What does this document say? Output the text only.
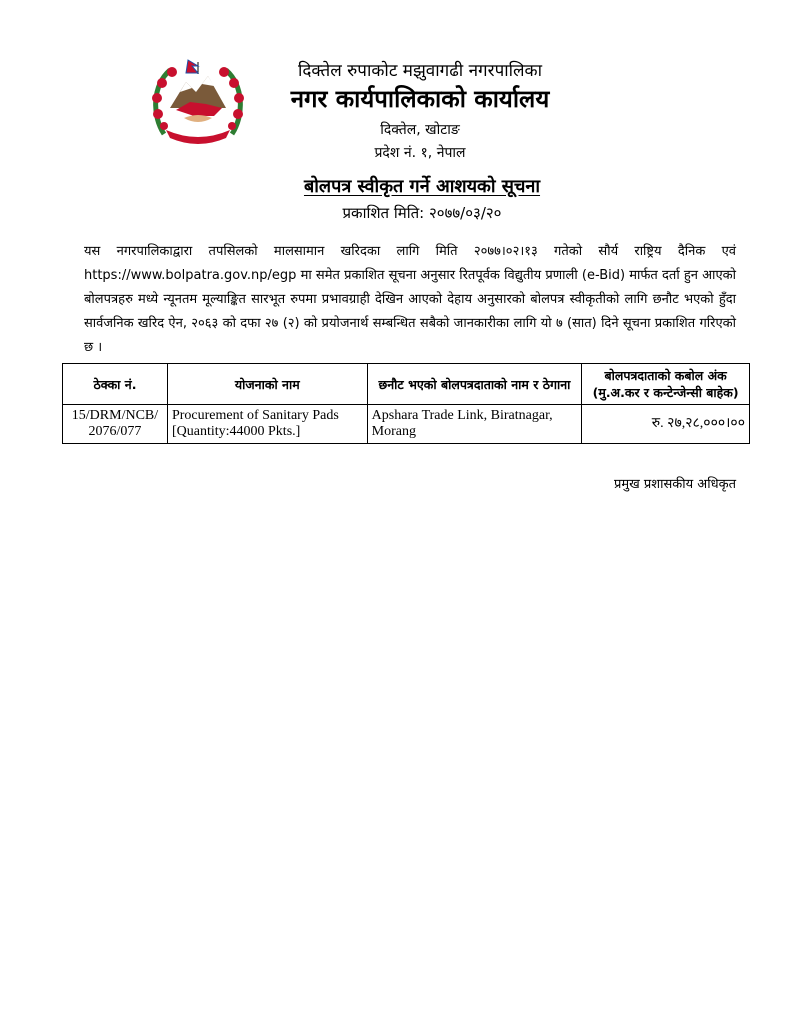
दिक्तेल रुपाकोट मझुवागढी नगरपालिका
नगर कार्यपालिकाको कार्यालय
दिक्तेल, खोटाङ
प्रदेश नं. १, नेपाल
बोलपत्र स्वीकृत गर्ने आशयको सूचना
प्रकाशित मिति: २०७७/०३/२०
यस नगरपालिकाद्वारा तपसिलको मालसामान खरिदका लागि मिति २०७७।०२।१३ गतेको सौर्य राष्ट्रिय दैनिक एवं https://www.bolpatra.gov.np/egp मा समेत प्रकाशित सूचना अनुसार रितपूर्वक विद्युतीय प्रणाली (e-Bid) मार्फत दर्ता हुन आएको बोलपत्रहरु मध्ये न्यूनतम मूल्याङ्कित सारभूत रुपमा प्रभावग्राही देखिन आएको देहाय अनुसारको बोलपत्र स्वीकृतीको लागि छनौट भएको हुँदा सार्वजनिक खरिद ऐन, २०६३ को दफा २७ (२) को प्रयोजनार्थ सम्बन्धित सबैको जानकारीका लागि यो ७ (सात) दिने सूचना प्रकाशित गरिएको छ ।
ठेक्का नं.	योजनाको नाम	छनौट भएको बोलपत्रदाताको नाम र ठेगाना	बोलपत्रदाताको कबोल अंक (मु.अ.कर र कन्टेन्जेन्सी बाहेक)
15/DRM/NCB/ 2076/077	Procurement of Sanitary Pads [Quantity:44000 Pkts.]	Apshara Trade Link, Biratnagar, Morang	रु. २७,२८,०००।००
प्रमुख प्रशासकीय अधिकृत
